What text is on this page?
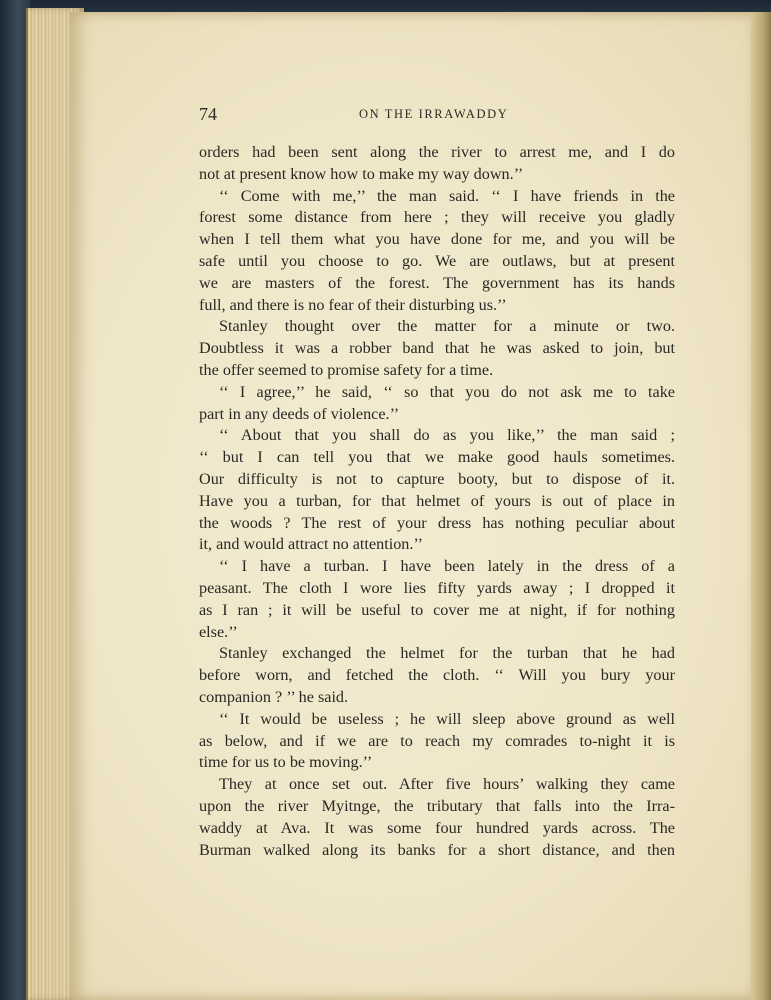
74	ON THE IRRAWADDY
orders had been sent along the river to arrest me, and I do
not at present know how to make my way down.’’
‘‘ Come with me,’’ the man said. ‘‘ I have friends in the
forest some distance from here ; they will receive you gladly
when I tell them what you have done for me, and you will be
safe until you choose to go. We are outlaws, but at present
we are masters of the forest. The government has its hands
full, and there is no fear of their disturbing us.’’
Stanley thought over the matter for a minute or two.
Doubtless it was a robber band that he was asked to join, but
the offer seemed to promise safety for a time.
‘‘ I agree,’’ he said, ‘‘ so that you do not ask me to take
part in any deeds of violence.’’
‘‘ About that you shall do as you like,’’ the man said ;
‘‘ but I can tell you that we make good hauls sometimes.
Our difficulty is not to capture booty, but to dispose of it.
Have you a turban, for that helmet of yours is out of place in
the woods ? The rest of your dress has nothing peculiar about
it, and would attract no attention.’’
‘‘ I have a turban. I have been lately in the dress of a
peasant. The cloth I wore lies fifty yards away ; I dropped it
as I ran ; it will be useful to cover me at night, if for nothing
else.’’
Stanley exchanged the helmet for the turban that he had
before worn, and fetched the cloth. ‘‘ Will you bury your
companion ? ’’ he said.
‘‘ It would be useless ; he will sleep above ground as well
as below, and if we are to reach my comrades to-night it is
time for us to be moving.’’
They at once set out. After five hours’ walking they came
upon the river Myitnge, the tributary that falls into the Irra-
waddy at Ava. It was some four hundred yards across. The
Burman walked along its banks for a short distance, and then
